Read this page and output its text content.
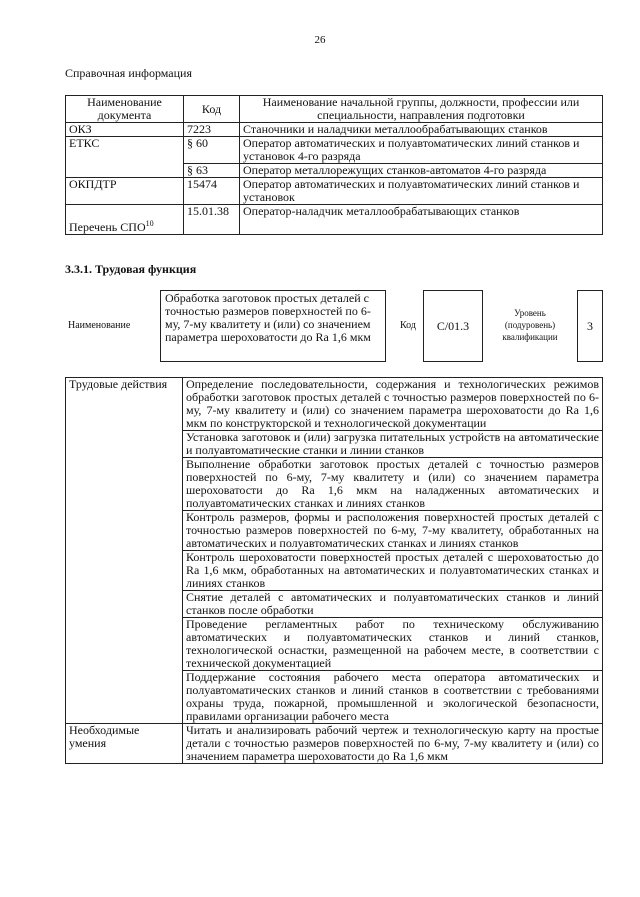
26
Справочная информация
Наименование документа	Код	Наименование начальной группы, должности, профессии или специальности, направления подготовки
ОКЗ	7223	Станочники и наладчики металлообрабатывающих станков
ЕТКС	§ 60	Оператор автоматических и полуавтоматических линий станков и установок 4-го разряда
	§ 63	Оператор металлорежущих станков-автоматов 4-го разряда
ОКПДТР	15474	Оператор автоматических и полуавтоматических линий станков и установок
Перечень СПО$^{10}$	15.01.38	Оператор-наладчик металлообрабатывающих станков
3.3.1. Трудовая функция
Наименование
Обработка заготовок простых деталей с точностью размеров поверхностей по 6-му, 7-му квалитету и (или) со значением параметра шероховатости до Ra 1,6 мкм
Код	C/01.3
Уровень (подуровень) квалификации
3
Трудовые действия	Определение последовательности, содержания и технологических режимов обработки заготовок простых деталей с точностью размеров поверхностей по 6-му, 7-му квалитету и (или) со значением параметра шероховатости до Ra 1,6 мкм по конструкторской и технологической документации
	Установка заготовок и (или) загрузка питательных устройств на автоматические и полуавтоматические станки и линии станков
	Выполнение обработки заготовок простых деталей с точностью размеров поверхностей по 6-му, 7-му квалитету и (или) со значением параметра шероховатости до Ra 1,6 мкм на наладженных автоматических и полуавтоматических станках и линиях станков
	Контроль размеров, формы и расположения поверхностей простых деталей с точностью размеров поверхностей по 6-му, 7-му квалитету, обработанных на автоматических и полуавтоматических станках и линиях станков
	Контроль шероховатости поверхностей простых деталей с шероховатостью до Ra 1,6 мкм, обработанных на автоматических и полуавтоматических станках и линиях станков
	Снятие деталей с автоматических и полуавтоматических станков и линий станков после обработки
	Проведение регламентных работ по техническому обслуживанию автоматических и полуавтоматических станков и линий станков, технологической оснастки, размещенной на рабочем месте, в соответствии с технической документацией
	Поддержание состояния рабочего места оператора автоматических и полуавтоматических станков и линий станков в соответствии с требованиями охраны труда, пожарной, промышленной и экологической безопасности, правилами организации рабочего места
Необходимые умения	Читать и анализировать рабочий чертеж и технологическую карту на простые детали с точностью размеров поверхностей по 6-му, 7-му квалитету и (или) со значением параметра шероховатости до Ra 1,6 мкм
